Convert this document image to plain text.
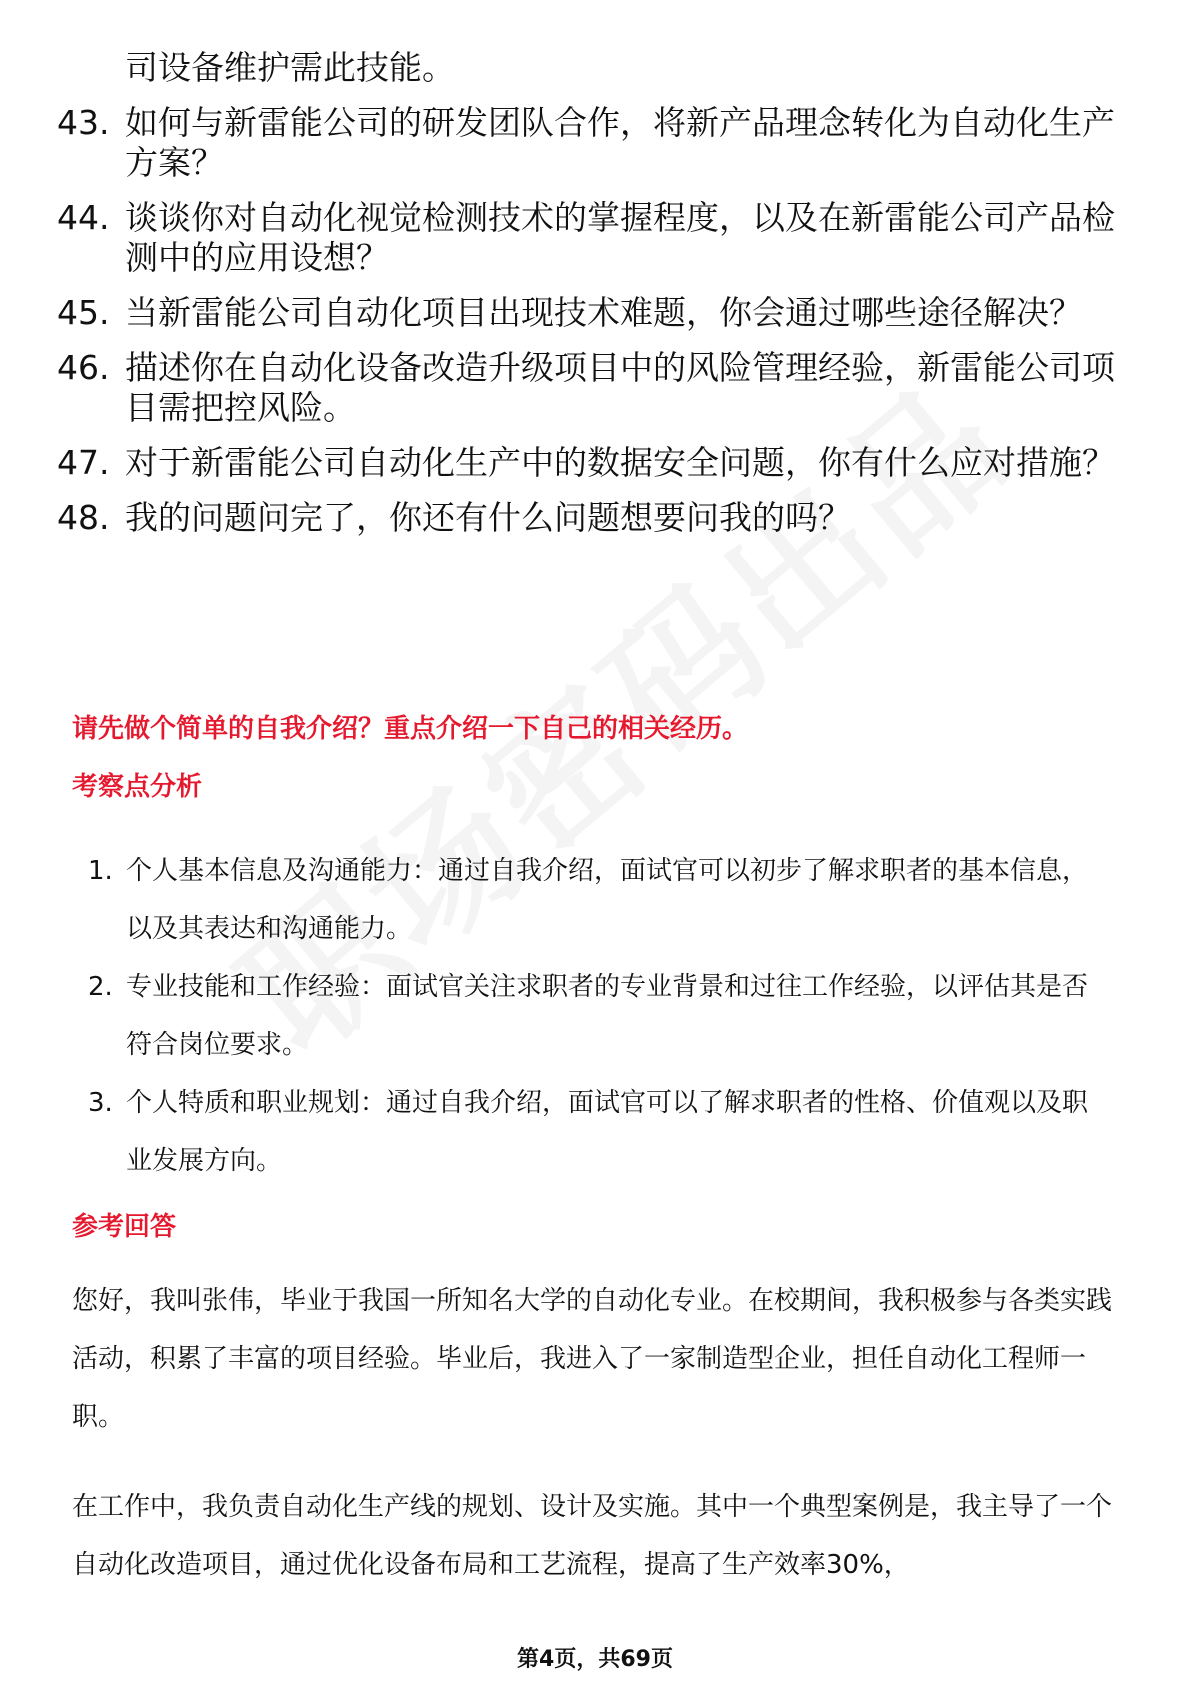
司设备维护需此技能。

43. 如何与新雷能公司的研发团队合作，将新产品理念转化为自动化生产方案？
44. 谈谈你对自动化视觉检测技术的掌握程度，以及在新雷能公司产品检测中的应用设想？
45. 当新雷能公司自动化项目出现技术难题，你会通过哪些途径解决？
46. 描述你在自动化设备改造升级项目中的风险管理经验，新雷能公司项目需把控风险。
47. 对于新雷能公司自动化生产中的数据安全问题，你有什么应对措施？
48. 我的问题问完了，你还有什么问题想要问我的吗？
请先做个简单的自我介绍？重点介绍一下自己的相关经历。
考察点分析
1. 个人基本信息及沟通能力：通过自我介绍，面试官可以初步了解求职者的基本信息，以及其表达和沟通能力。
2. 专业技能和工作经验：面试官关注求职者的专业背景和过往工作经验，以评估其是否符合岗位要求。
3. 个人特质和职业规划：通过自我介绍，面试官可以了解求职者的性格、价值观以及职业发展方向。
参考回答

您好，我叫张伟，毕业于我国一所知名大学的自动化专业。在校期间，我积极参与各类实践活动，积累了丰富的项目经验。毕业后，我进入了一家制造型企业，担任自动化工程师一职。

在工作中，我负责自动化生产线的规划、设计及实施。其中一个典型案例是，我主导了一个自动化改造项目，通过优化设备布局和工艺流程，提高了生产效率30%，

第4页，共69页
